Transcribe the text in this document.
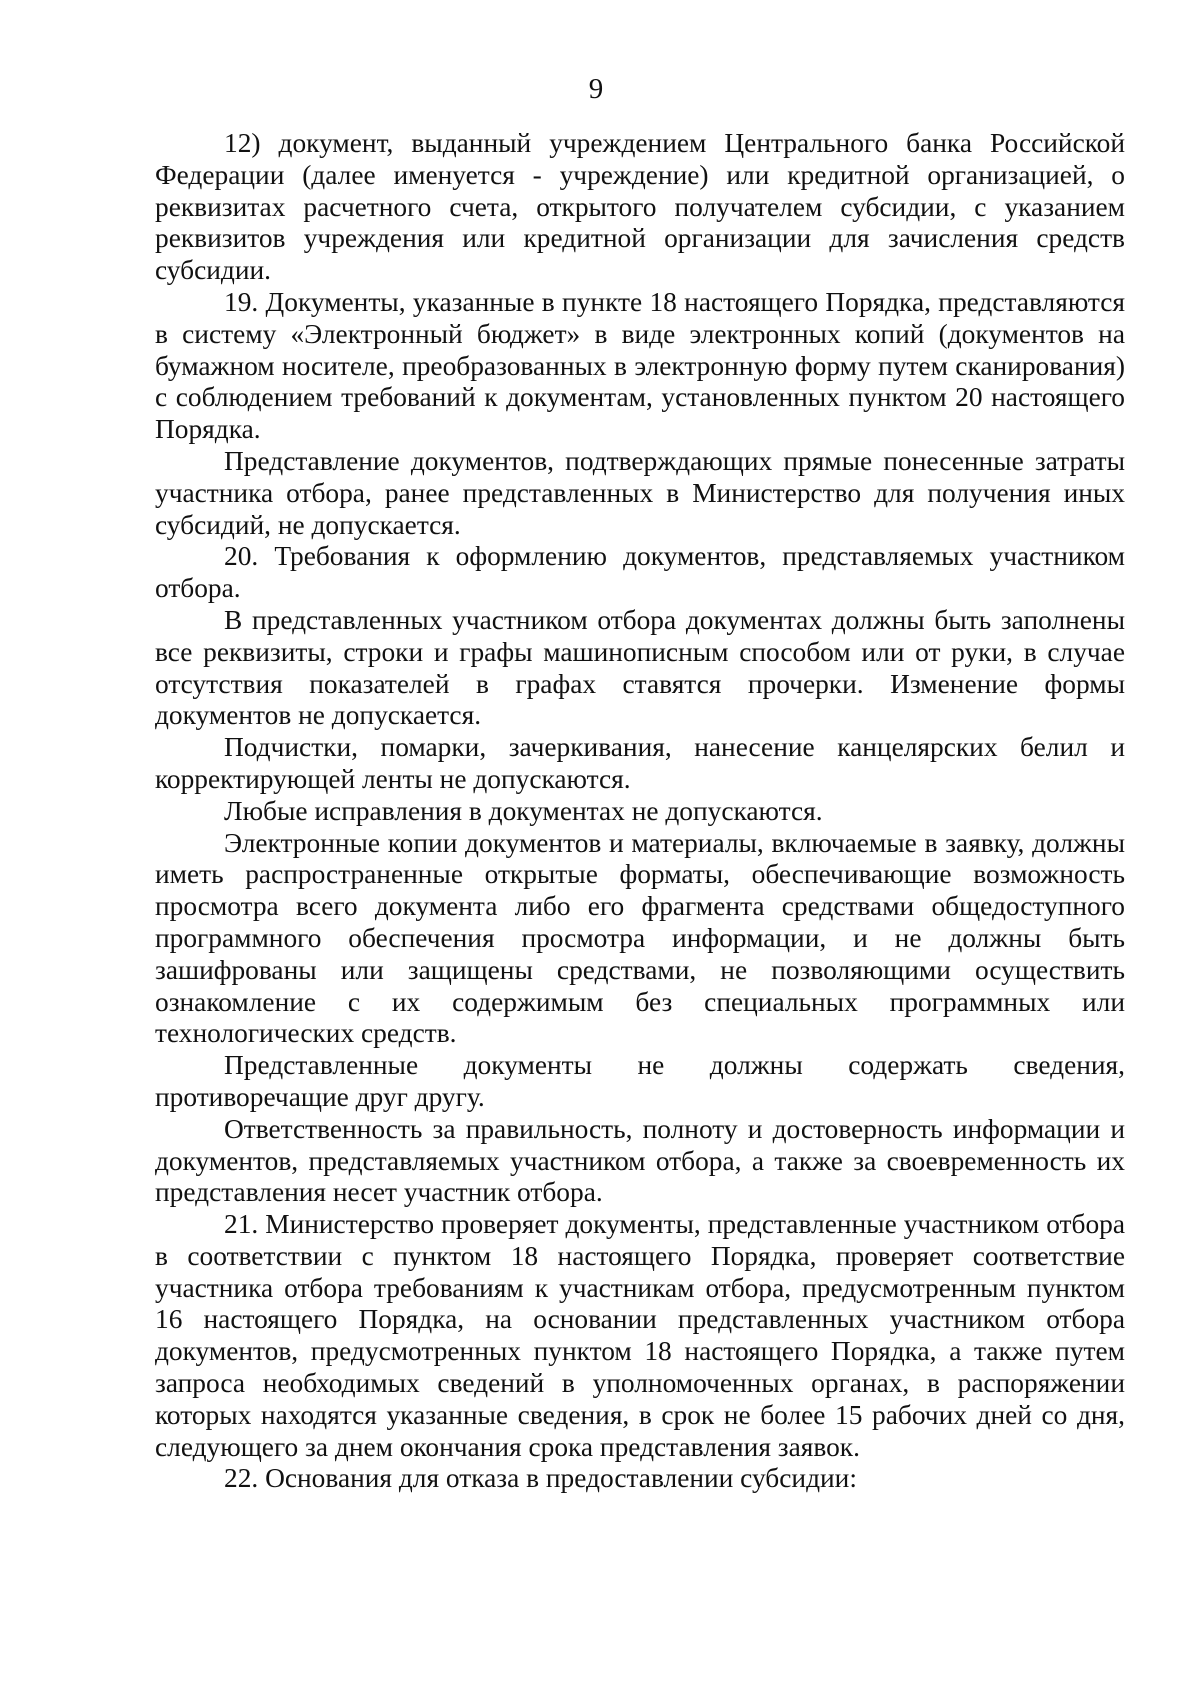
9

12) документ, выданный учреждением Центрального банка Российской Федерации (далее именуется - учреждение) или кредитной организацией, о реквизитах расчетного счета, открытого получателем субсидии, с указанием реквизитов учреждения или кредитной организации для зачисления средств субсидии.

19. Документы, указанные в пункте 18 настоящего Порядка, представляются в систему «Электронный бюджет» в виде электронных копий (документов на бумажном носителе, преобразованных в электронную форму путем сканирования) с соблюдением требований к документам, установленных пунктом 20 настоящего Порядка.

Представление документов, подтверждающих прямые понесенные затраты участника отбора, ранее представленных в Министерство для получения иных субсидий, не допускается.

20. Требования к оформлению документов, представляемых участником отбора.

В представленных участником отбора документах должны быть заполнены все реквизиты, строки и графы машинописным способом или от руки, в случае отсутствия показателей в графах ставятся прочерки. Изменение формы документов не допускается.

Подчистки, помарки, зачеркивания, нанесение канцелярских белил и корректирующей ленты не допускаются.

Любые исправления в документах не допускаются.

Электронные копии документов и материалы, включаемые в заявку, должны иметь распространенные открытые форматы, обеспечивающие возможность просмотра всего документа либо его фрагмента средствами общедоступного программного обеспечения просмотра информации, и не должны быть зашифрованы или защищены средствами, не позволяющими осуществить ознакомление с их содержимым без специальных программных или технологических средств.

Представленные документы не должны содержать сведения, противоречащие друг другу.

Ответственность за правильность, полноту и достоверность информации и документов, представляемых участником отбора, а также за своевременность их представления несет участник отбора.

21. Министерство проверяет документы, представленные участником отбора в соответствии с пунктом 18 настоящего Порядка, проверяет соответствие участника отбора требованиям к участникам отбора, предусмотренным пунктом 16 настоящего Порядка, на основании представленных участником отбора документов, предусмотренных пунктом 18 настоящего Порядка, а также путем запроса необходимых сведений в уполномоченных органах, в распоряжении которых находятся указанные сведения, в срок не более 15 рабочих дней со дня, следующего за днем окончания срока представления заявок.

22. Основания для отказа в предоставлении субсидии:
